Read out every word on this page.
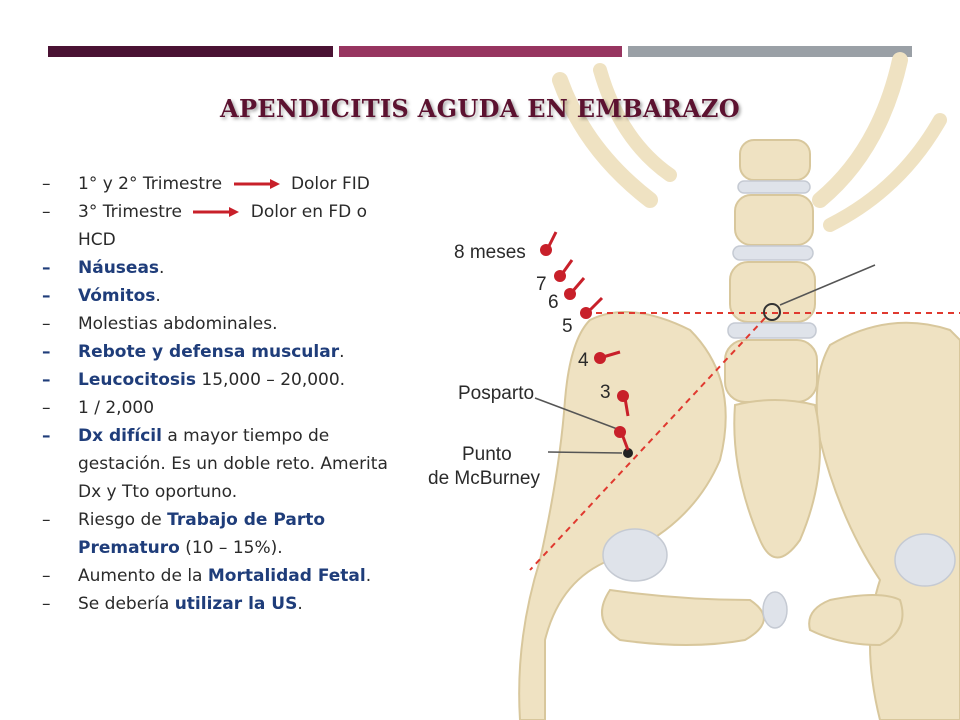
8 meses
7
6
5
4
3
Posparto
Punto
de McBurney
APENDICITIS AGUDA EN EMBARAZO
– 1° y 2° Trimestre	Dolor FID
– 3° Trimestre	Dolor en FD o HCD
– Náuseas.
– Vómitos.
– Molestias abdominales.
– Rebote y defensa muscular.
– Leucocitosis 15,000 – 20,000.
– 1 / 2,000
– Dx difícil a mayor tiempo de gestación. Es un doble reto. Amerita Dx y Tto oportuno.
– Riesgo de Trabajo de Parto Prematuro (10 – 15%).
– Aumento de la Mortalidad Fetal.
– Se debería utilizar la US.
